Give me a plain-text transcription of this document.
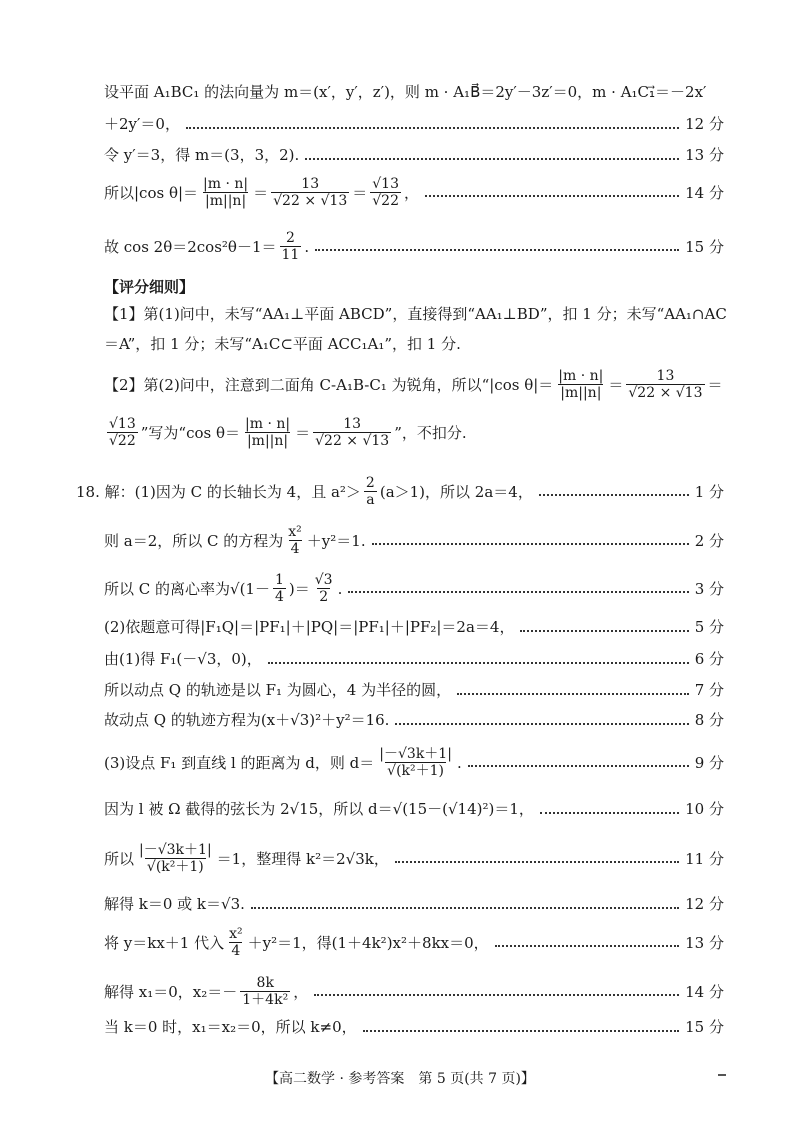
设平面 A₁BC₁ 的法向量为 m＝(x′，y′，z′)，则 m · A₁B⃗＝2y′－3z′＝0，m · A₁C₁⃗＝－2x′
＋2y′＝0，	12 分
令 y′＝3，得 m＝(3，3，2).	13 分
所以|cos $\theta|= \frac{|m \cdot n|}{|m||n|} = \frac{13}{√22 \times √13} = \frac{√13}{√22}$ ，	14 分
故 $\cos 2\theta=2\cos^2\theta-1= \frac{2}{11}$ .	15 分
【评分细则】
【1】第(1)问中，未写“AA₁⊥平面 ABCD”，直接得到“AA₁⊥BD”，扣 1 分；未写“AA₁∩AC
＝A”，扣 1 分；未写“A₁C⊂平面 ACC₁A₁”，扣 1 分.
【2】第(2)问中，注意到二面角 C-A₁B-C₁ 为锐角，所以“|cos $\theta|= \frac{|m \cdot n|}{|m||n|} = \frac{13}{√22 \times √13}$ ＝
$\frac{√13}{√22}$ ”写为“cos $\theta= \frac{|m \cdot n|}{|m||n|} = \frac{13}{√22 \times √13}$ ”，不扣分.
18. 解：(1)因为 C 的长轴长为 4，且 $a^2> \frac{2}{a} (a>1)$，所以 2a＝4，	1 分
则 a＝2，所以 C 的方程为 $\frac{\text{x²}}{4} +y^2=1$.	2 分
所以 C 的离心率为$√(1- \frac{1}{4}$ )＝ $\frac{√3}{2}$ .	3 分
(2)依题意可得|F₁Q|＝|PF₁|＋|PQ|＝|PF₁|＋|PF₂|＝2a＝4，	5 分
由(1)得 F₁(－√3，0)，	6 分
所以动点 Q 的轨迹是以 F₁ 为圆心，4 为半径的圆，	7 分
故动点 Q 的轨迹方程为(x＋√3)²＋y²＝16.	8 分
(3)设点 F₁ 到直线 l 的距离为 d，则 $d= \frac{|-√3k+1|}{\text{√(k²＋1)}}$ .	9 分
因为 l 被 Ω 截得的弦长为 2√15，所以 d＝√(15－(√14)²)＝1，	10 分
所以 $\frac{|-√3k+1|}{\text{√(k²＋1)}} =1$，整理得 k²＝2√3k，	11 分
解得 k＝0 或 k＝√3.	12 分
将 y＝kx＋1 代入 $\frac{\text{x²}}{4} +y^2=1$，得(1＋4k²)x²＋8kx＝0，	13 分
解得 x₁＝0，$x_2=- \frac{8k}{\text{1＋4k²}}$ ，	14 分
当 k＝0 时，x₁＝x₂＝0，所以 k≠0，	15 分
【高二数学 · 参考答案　第 5 页(共 7 页)】
